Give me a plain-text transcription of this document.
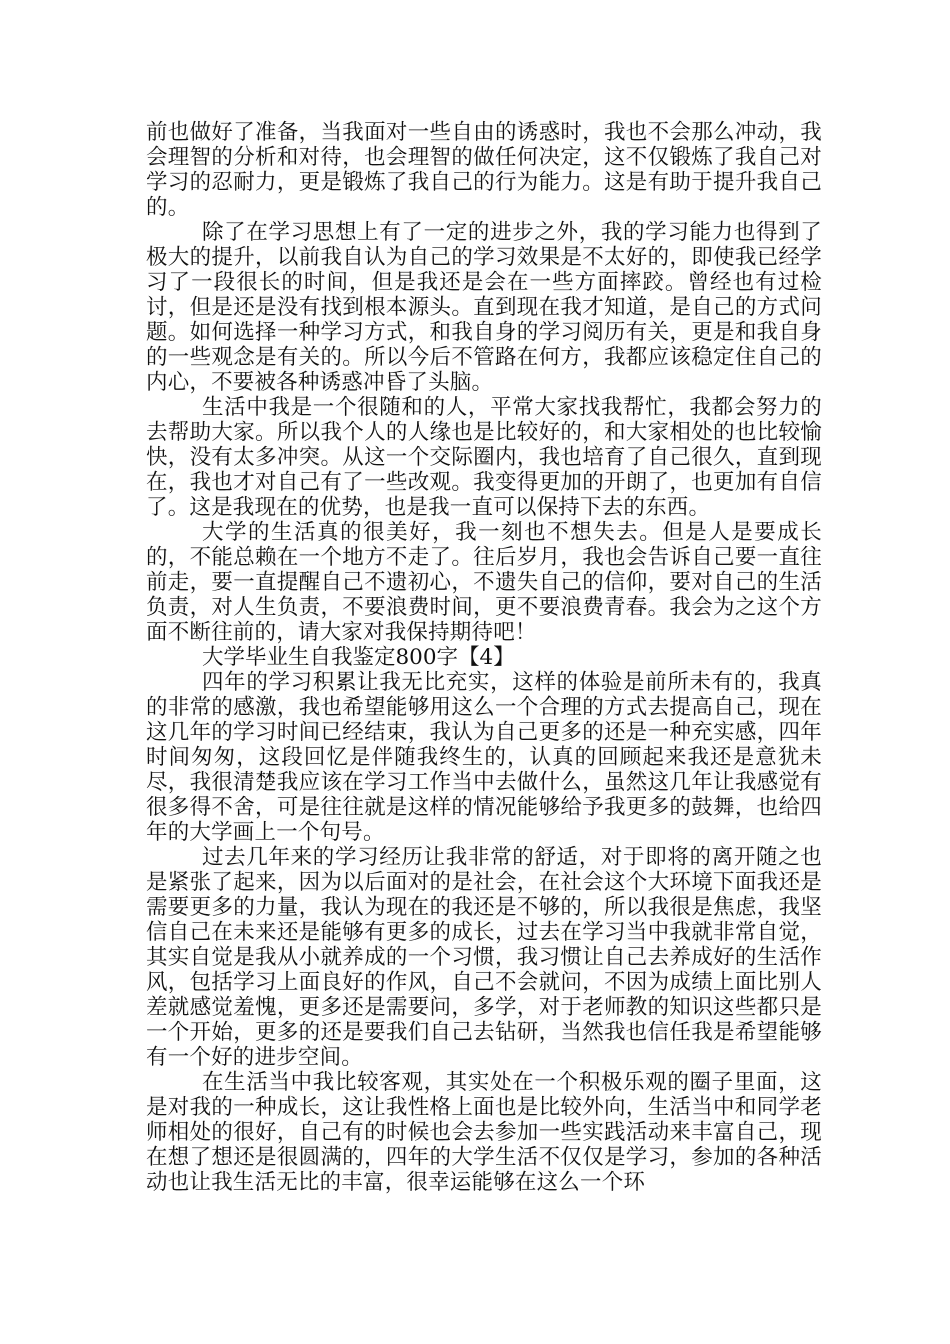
前也做好了准备，当我面对一些自由的诱惑时，我也不会那么冲动，我会理智的分析和对待，也会理智的做任何决定，这不仅锻炼了我自己对学习的忍耐力，更是锻炼了我自己的行为能力。这是有助于提升我自己的。

除了在学习思想上有了一定的进步之外，我的学习能力也得到了极大的提升，以前我自认为自己的学习效果是不太好的，即使我已经学习了一段很长的时间，但是我还是会在一些方面摔跤。曾经也有过检讨，但是还是没有找到根本源头。直到现在我才知道，是自己的方式问题。如何选择一种学习方式，和我自身的学习阅历有关，更是和我自身的一些观念是有关的。所以今后不管路在何方，我都应该稳定住自己的内心，不要被各种诱惑冲昏了头脑。

生活中我是一个很随和的人，平常大家找我帮忙，我都会努力的去帮助大家。所以我个人的人缘也是比较好的，和大家相处的也比较愉快，没有太多冲突。从这一个交际圈内，我也培育了自己很久，直到现在，我也才对自己有了一些改观。我变得更加的开朗了，也更加有自信了。这是我现在的优势，也是我一直可以保持下去的东西。

大学的生活真的很美好，我一刻也不想失去。但是人是要成长的，不能总赖在一个地方不走了。往后岁月，我也会告诉自己要一直往前走，要一直提醒自己不遗初心，不遗失自己的信仰，要对自己的生活负责，对人生负责，不要浪费时间，更不要浪费青春。我会为之这个方面不断往前的，请大家对我保持期待吧！

大学毕业生自我鉴定800字【4】

四年的学习积累让我无比充实，这样的体验是前所未有的，我真的非常的感激，我也希望能够用这么一个合理的方式去提高自己，现在这几年的学习时间已经结束，我认为自己更多的还是一种充实感，四年时间匆匆，这段回忆是伴随我终生的，认真的回顾起来我还是意犹未尽，我很清楚我应该在学习工作当中去做什么，虽然这几年让我感觉有很多得不舍，可是往往就是这样的情况能够给予我更多的鼓舞，也给四年的大学画上一个句号。

过去几年来的学习经历让我非常的舒适，对于即将的离开随之也是紧张了起来，因为以后面对的是社会，在社会这个大环境下面我还是需要更多的力量，我认为现在的我还是不够的，所以我很是焦虑，我坚信自己在未来还是能够有更多的成长，过去在学习当中我就非常自觉，其实自觉是我从小就养成的一个习惯，我习惯让自己去养成好的生活作风，包括学习上面良好的作风，自己不会就问，不因为成绩上面比别人差就感觉羞愧，更多还是需要问，多学，对于老师教的知识这些都只是一个开始，更多的还是要我们自己去钻研，当然我也信任我是希望能够有一个好的进步空间。

在生活当中我比较客观，其实处在一个积极乐观的圈子里面，这是对我的一种成长，这让我性格上面也是比较外向，生活当中和同学老师相处的很好，自己有的时候也会去参加一些实践活动来丰富自己，现在想了想还是很圆满的，四年的大学生活不仅仅是学习，参加的各种活动也让我生活无比的丰富，很幸运能够在这么一个环
